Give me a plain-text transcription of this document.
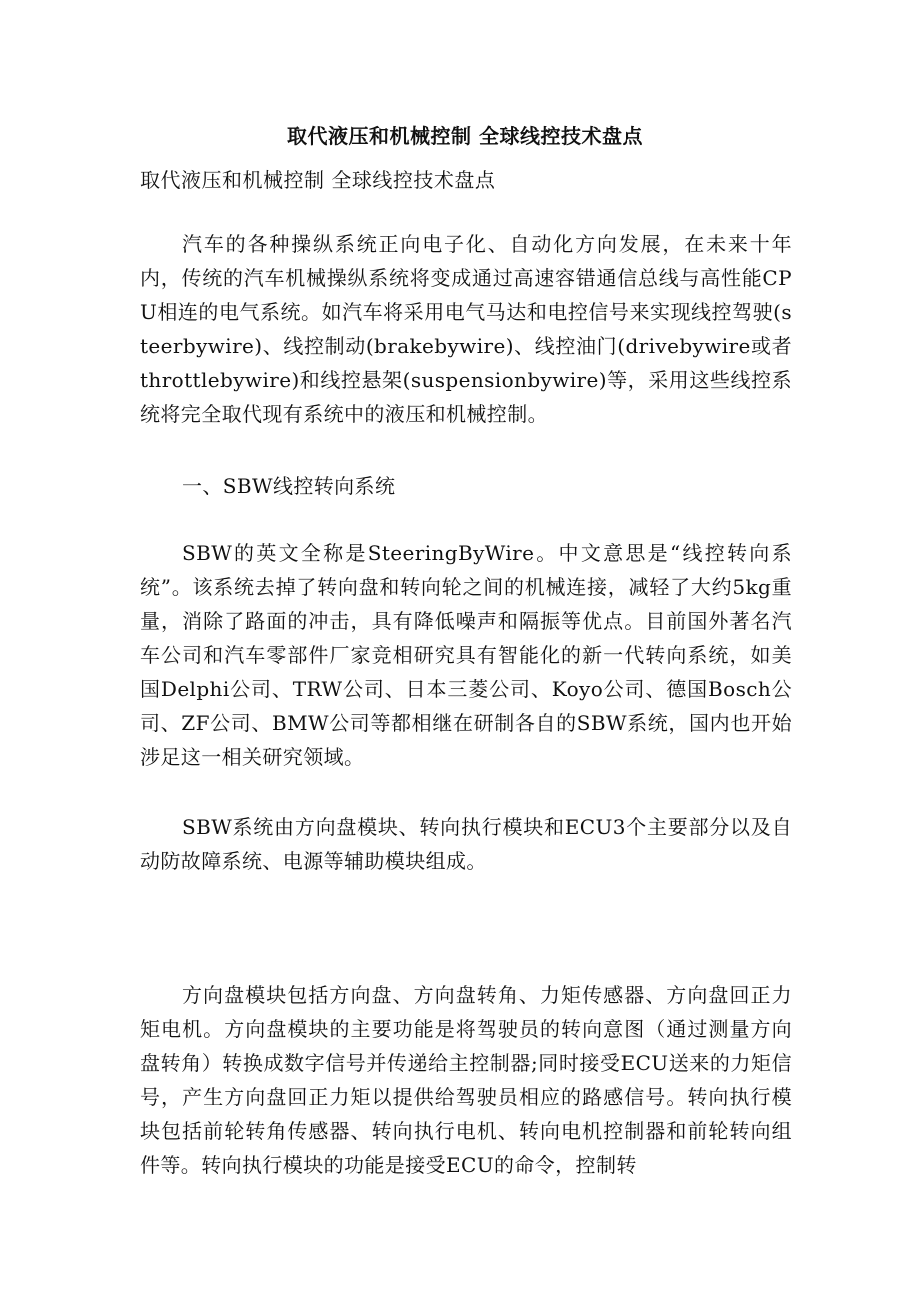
取代液压和机械控制 全球线控技术盘点

取代液压和机械控制 全球线控技术盘点

汽车的各种操纵系统正向电子化、自动化方向发展，在未来十年内，传统的汽车机械操纵系统将变成通过高速容错通信总线与高性能CPU相连的电气系统。如汽车将采用电气马达和电控信号来实现线控驾驶(steerbywire)、线控制动(brakebywire)、线控油门(drivebywire或者throttlebywire)和线控悬架(suspensionbywire)等，采用这些线控系统将完全取代现有系统中的液压和机械控制。

一、SBW线控转向系统

SBW的英文全称是SteeringByWire。中文意思是“线控转向系统”。该系统去掉了转向盘和转向轮之间的机械连接，减轻了大约5kg重量，消除了路面的冲击，具有降低噪声和隔振等优点。目前国外著名汽车公司和汽车零部件厂家竞相研究具有智能化的新一代转向系统，如美国Delphi公司、TRW公司、日本三菱公司、Koyo公司、德国Bosch公司、ZF公司、BMW公司等都相继在研制各自的SBW系统，国内也开始涉足这一相关研究领域。

SBW系统由方向盘模块、转向执行模块和ECU3个主要部分以及自动防故障系统、电源等辅助模块组成。

方向盘模块包括方向盘、方向盘转角、力矩传感器、方向盘回正力矩电机。方向盘模块的主要功能是将驾驶员的转向意图（通过测量方向盘转角）转换成数字信号并传递给主控制器;同时接受ECU送来的力矩信号，产生方向盘回正力矩以提供给驾驶员相应的路感信号。转向执行模块包括前轮转角传感器、转向执行电机、转向电机控制器和前轮转向组件等。转向执行模块的功能是接受ECU的命令，控制转
